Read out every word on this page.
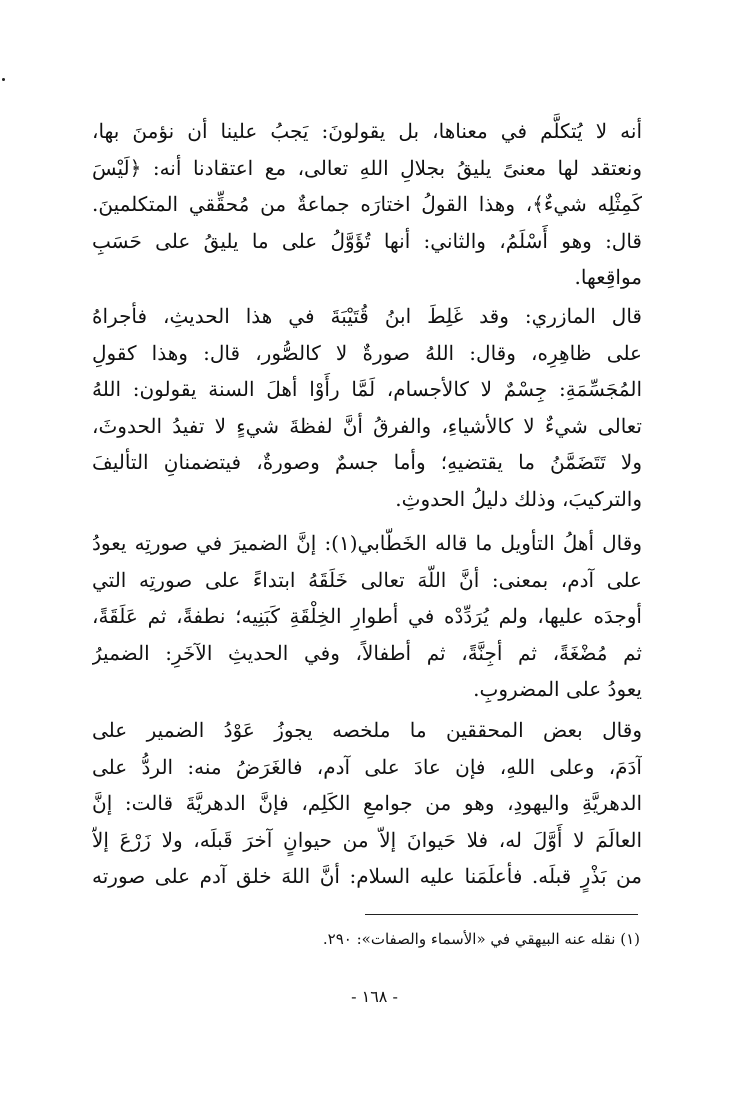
أنه لا يُتكلَّم في معناها، بل يقولونَ: يَجبُ علينا أن نؤمنَ بها،
ونعتقد لها معنىً يليقُ بجلالِ اللهِ تعالى، مع اعتقادنا أنه: ﴿لَيْسَ
كَمِثْلِه شيءٌ﴾، وهذا القولُ اختارَه جماعةٌ من مُحقِّقي المتكلمينَ.
قال: وهو أَسْلَمُ، والثاني: أنها تُؤَوَّلُ على ما يليقُ على حَسَبِ
مواقِعها.
قال المازري: وقد غَلِطَ ابنُ قُتَيْبَةَ في هذا الحديثِ، فأجراهُ
على ظاهِرِه، وقال: اللهُ صورةٌ لا كالصُّور، قال: وهذا كقولِ
المُجَسِّمَةِ: جِسْمٌ لا كالأجسام، لَمَّا رأَوْا أهلَ السنة يقولون: اللهُ
تعالى شيءٌ لا كالأشياءِ، والفرقُ أنَّ لفظةَ شيءٍ لا تفيدُ الحدوثَ،
ولا تَتَضَمَّنُ ما يقتضيهِ؛ وأما جسمٌ وصورةٌ، فيتضمنانِ التأليفَ
والتركيبَ، وذلك دليلُ الحدوثِ.
وقال أهلُ التأويل ما قاله الخَطّابي(١): إنَّ الضميرَ في صورتِه يعودُ
على آدم، بمعنى: أنَّ اللّهَ تعالى خَلَقَهُ ابتداءً على صورتِه التي
أوجدَه عليها، ولم يُرَدِّدْه في أطوارِ الخِلْقَةِ كَبَنِيه؛ نطفةً، ثم عَلَقَةً،
ثم مُضْغَةً، ثم أجِنَّةً، ثم أطفالاً، وفي الحديثِ الآخَرِ: الضميرُ
يعودُ على المضروبِ.
وقال بعض المحققين ما ملخصه يجوزُ عَوْدُ الضمير على
آدَمَ، وعلى اللهِ، فإن عادَ على آدم، فالغَرَضُ منه: الردُّ على
الدهريَّةِ واليهودِ، وهو من جوامعِ الكَلِم، فإنَّ الدهريَّةَ قالت: إنَّ
العالَمَ لا أَوَّلَ له، فلا حَيوانَ إلاّ من حيوانٍ آخرَ قَبلَه، ولا زَرْعَ إلاّ
من بَذْرٍ قبلَه. فأعلَمَنا عليه السلام: أنَّ اللهَ خلق آدم على صورته
(١) نقله عنه البيهقي في «الأسماء والصفات»: ٢٩٠.
- ١٦٨ -
